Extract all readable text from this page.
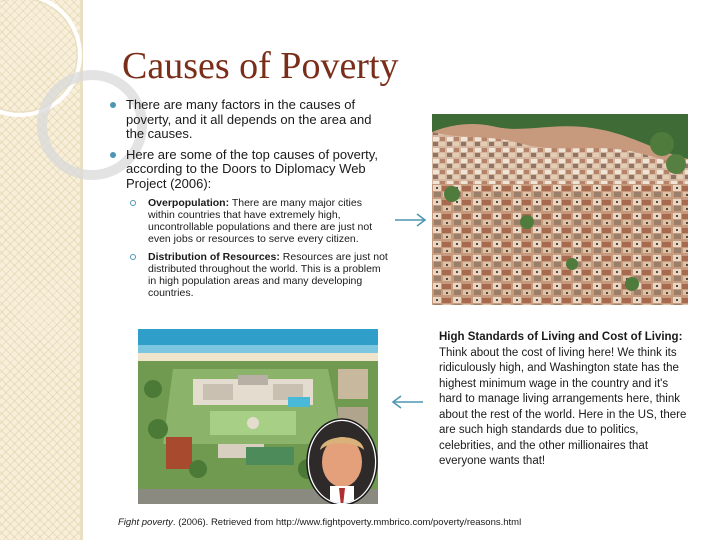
Causes of Poverty
There are many factors in the causes of poverty, and it all depends on the area and the causes.
Here are some of the top causes of poverty, according to the Doors to Diplomacy Web Project (2006):
Overpopulation: There are many major cities within countries that have extremely high, uncontrollable populations and there are just not even jobs or resources to serve every citizen.
Distribution of Resources: Resources are just not distributed throughout the world. This is a problem in high population areas and many developing countries.
High Standards of Living and Cost of Living: Think about the cost of living here! We think its ridiculously high, and Washington state has the highest minimum wage in the country and it's hard to manage living arrangements here, think about the rest of the world. Here in the US, there are such high standards due to politics, celebrities, and the other millionaires that everyone wants that!
Fight poverty. (2006). Retrieved from http://www.fightpoverty.mmbrico.com/poverty/reasons.html
